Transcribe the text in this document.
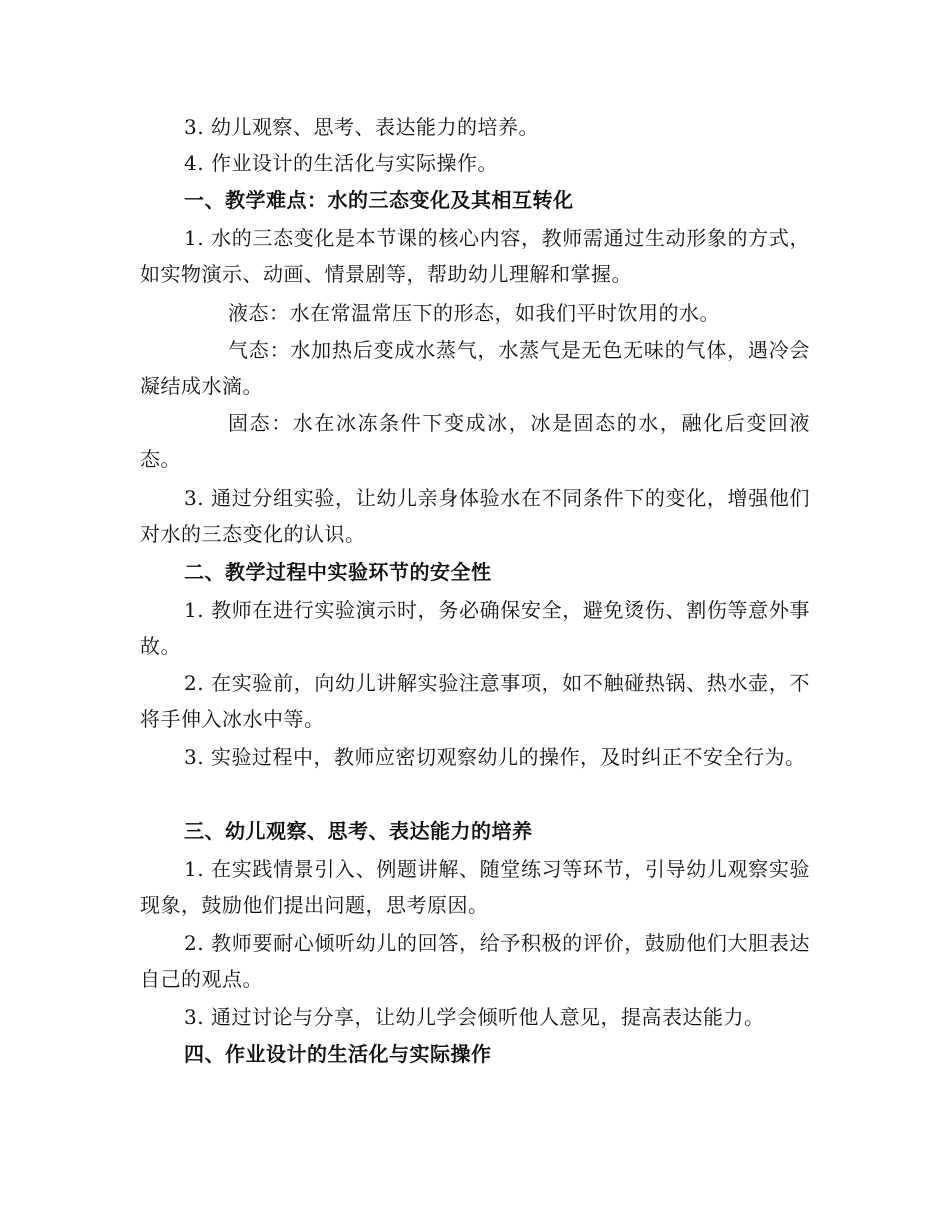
3. 幼儿观察、思考、表达能力的培养。
4. 作业设计的生活化与实际操作。
一、教学难点：水的三态变化及其相互转化
1. 水的三态变化是本节课的核心内容，教师需通过生动形象的方式，如实物演示、动画、情景剧等，帮助幼儿理解和掌握。
液态：水在常温常压下的形态，如我们平时饮用的水。
气态：水加热后变成水蒸气，水蒸气是无色无味的气体，遇冷会凝结成水滴。
固态：水在冰冻条件下变成冰，冰是固态的水，融化后变回液态。
3. 通过分组实验，让幼儿亲身体验水在不同条件下的变化，增强他们对水的三态变化的认识。
二、教学过程中实验环节的安全性
1. 教师在进行实验演示时，务必确保安全，避免烫伤、割伤等意外事故。
2. 在实验前，向幼儿讲解实验注意事项，如不触碰热锅、热水壶，不将手伸入冰水中等。
3. 实验过程中，教师应密切观察幼儿的操作，及时纠正不安全行为。
三、幼儿观察、思考、表达能力的培养
1. 在实践情景引入、例题讲解、随堂练习等环节，引导幼儿观察实验现象，鼓励他们提出问题，思考原因。
2. 教师要耐心倾听幼儿的回答，给予积极的评价，鼓励他们大胆表达自己的观点。
3. 通过讨论与分享，让幼儿学会倾听他人意见，提高表达能力。
四、作业设计的生活化与实际操作
